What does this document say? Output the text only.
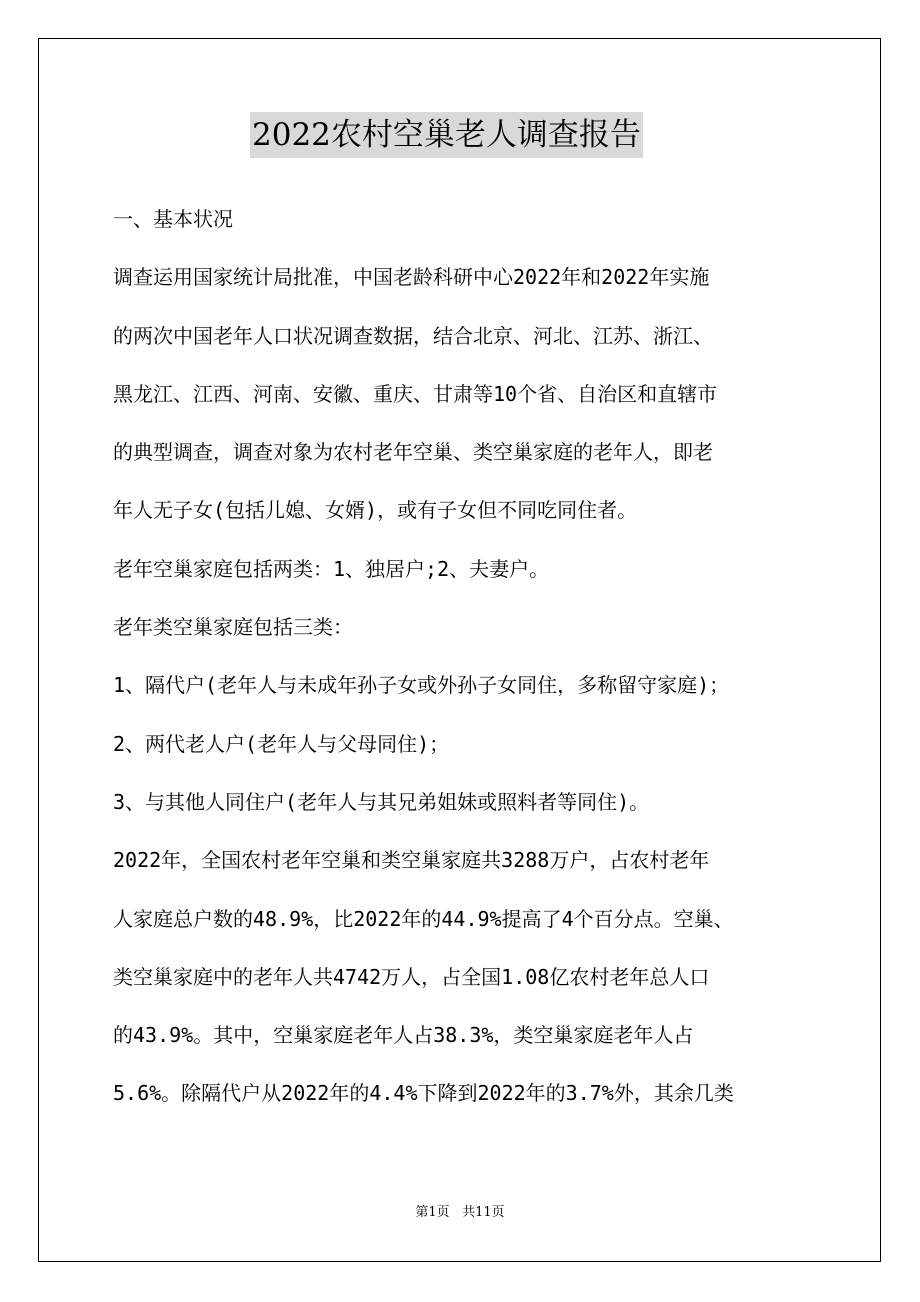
2022农村空巢老人调查报告
一、基本状况
调查运用国家统计局批准，中国老龄科研中心2022年和2022年实施
的两次中国老年人口状况调查数据，结合北京、河北、江苏、浙江、
黑龙江、江西、河南、安徽、重庆、甘肃等10个省、自治区和直辖市
的典型调查，调查对象为农村老年空巢、类空巢家庭的老年人，即老
年人无子女(包括儿媳、女婿)，或有子女但不同吃同住者。
老年空巢家庭包括两类：1、独居户;2、夫妻户。
老年类空巢家庭包括三类：
1、隔代户(老年人与未成年孙子女或外孙子女同住，多称留守家庭)；
2、两代老人户(老年人与父母同住)；
3、与其他人同住户(老年人与其兄弟姐妹或照料者等同住)。
2022年，全国农村老年空巢和类空巢家庭共3288万户，占农村老年
人家庭总户数的48.9%，比2022年的44.9%提高了4个百分点。空巢、
类空巢家庭中的老年人共4742万人，占全国1.08亿农村老年总人口
的43.9%。其中，空巢家庭老年人占38.3%，类空巢家庭老年人占
5.6%。除隔代户从2022年的4.4%下降到2022年的3.7%外，其余几类
第1页 共11页
